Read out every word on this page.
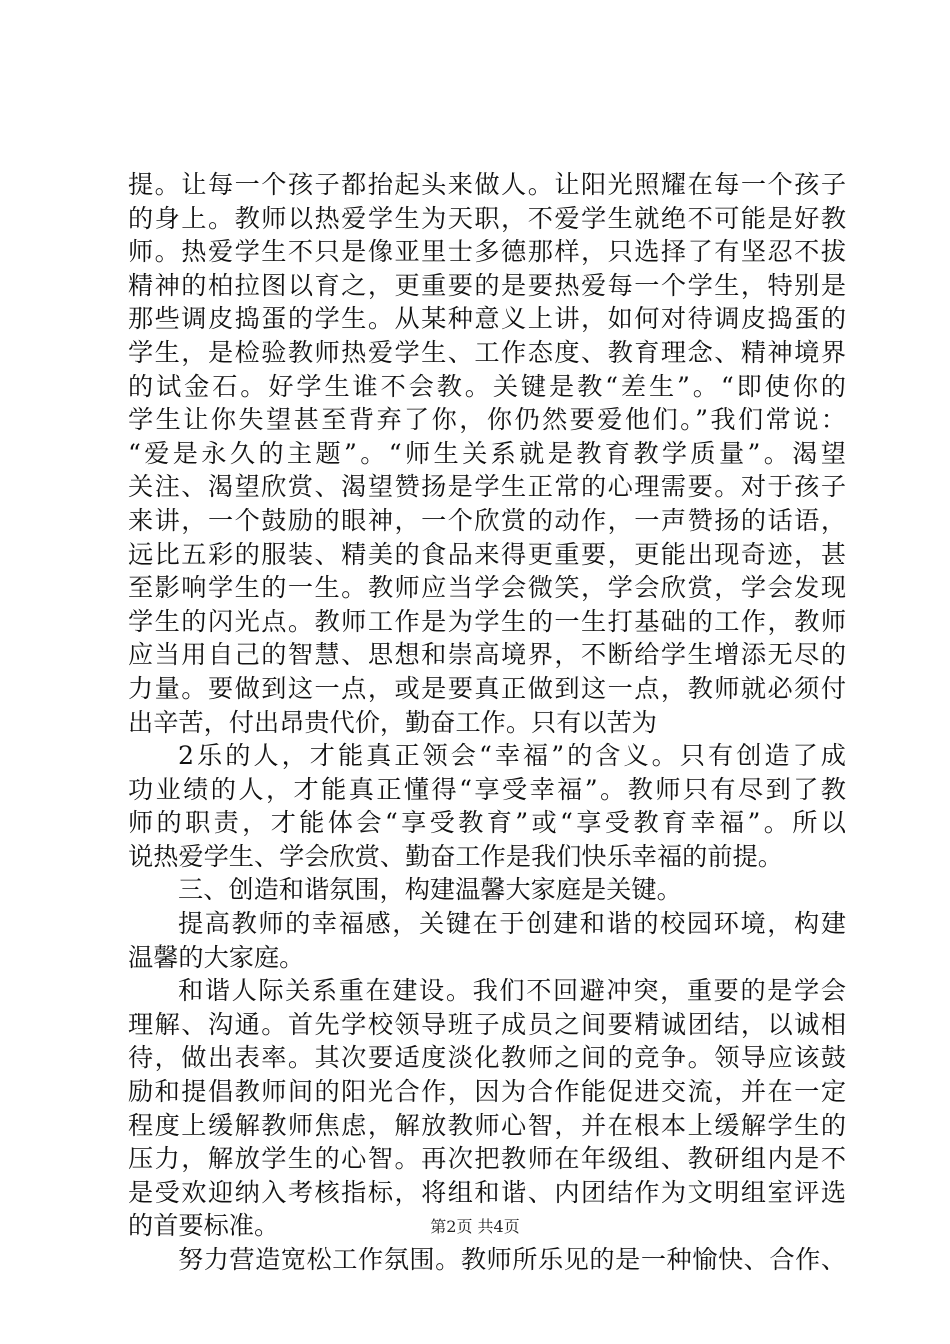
提。让每一个孩子都抬起头来做人。让阳光照耀在每一个孩子
的身上。教师以热爱学生为天职，不爱学生就绝不可能是好教
师。热爱学生不只是像亚里士多德那样，只选择了有坚忍不拔
精神的柏拉图以育之，更重要的是要热爱每一个学生，特别是
那些调皮捣蛋的学生。从某种意义上讲，如何对待调皮捣蛋的
学生，是检验教师热爱学生、工作态度、教育理念、精神境界
的试金石。好学生谁不会教。关键是教“差生”。“即使你的
学生让你失望甚至背弃了你，你仍然要爱他们。”我们常说：
“爱是永久的主题”。“师生关系就是教育教学质量”。渴望
关注、渴望欣赏、渴望赞扬是学生正常的心理需要。对于孩子
来讲，一个鼓励的眼神，一个欣赏的动作，一声赞扬的话语，
远比五彩的服装、精美的食品来得更重要，更能出现奇迹，甚
至影响学生的一生。教师应当学会微笑，学会欣赏，学会发现
学生的闪光点。教师工作是为学生的一生打基础的工作，教师
应当用自己的智慧、思想和崇高境界，不断给学生增添无尽的
力量。要做到这一点，或是要真正做到这一点，教师就必须付
出辛苦，付出昂贵代价，勤奋工作。只有以苦为
2乐的人，才能真正领会“幸福”的含义。只有创造了成
功业绩的人，才能真正懂得“享受幸福”。教师只有尽到了教
师的职责，才能体会“享受教育”或“享受教育幸福”。所以
说热爱学生、学会欣赏、勤奋工作是我们快乐幸福的前提。
三、创造和谐氛围，构建温馨大家庭是关键。
提高教师的幸福感，关键在于创建和谐的校园环境，构建
温馨的大家庭。
和谐人际关系重在建设。我们不回避冲突，重要的是学会
理解、沟通。首先学校领导班子成员之间要精诚团结，以诚相
待，做出表率。其次要适度淡化教师之间的竞争。领导应该鼓
励和提倡教师间的阳光合作，因为合作能促进交流，并在一定
程度上缓解教师焦虑，解放教师心智，并在根本上缓解学生的
压力，解放学生的心智。再次把教师在年级组、教研组内是不
是受欢迎纳入考核指标，将组和谐、内团结作为文明组室评选
的首要标准。
努力营造宽松工作氛围。教师所乐见的是一种愉快、合作、
第2页 共4页
